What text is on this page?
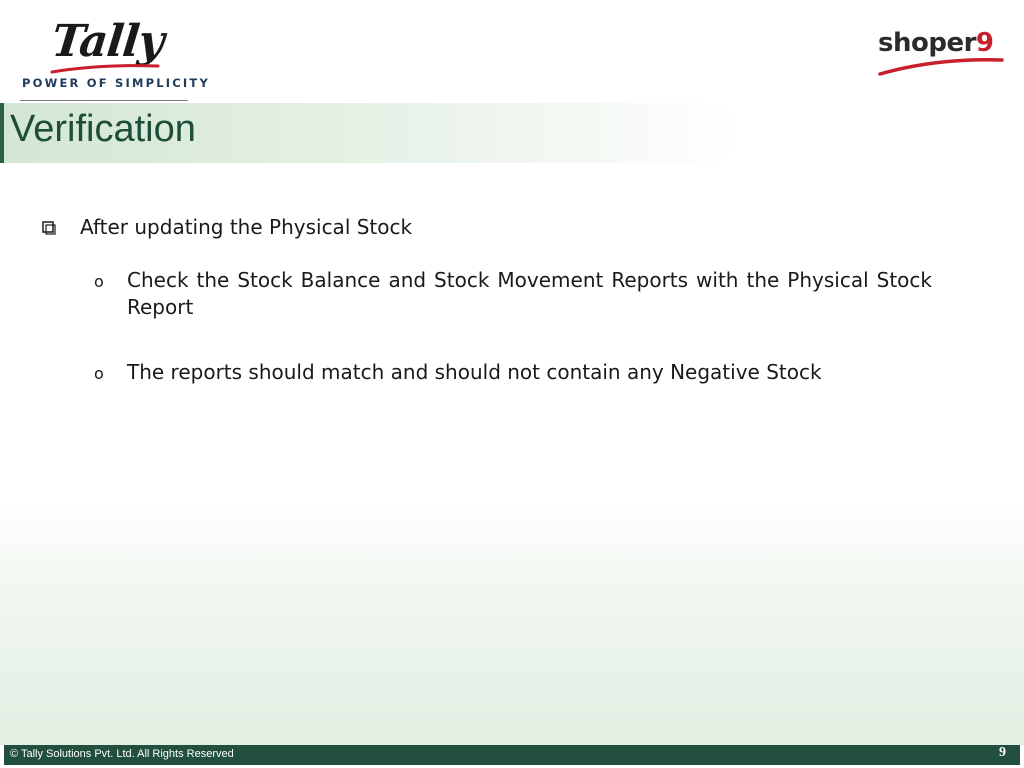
Tally
POWER OF SIMPLICITY
shoper9
Verification
After updating the Physical Stock
o Check the Stock Balance and Stock Movement Reports with the Physical Stock Report
o The reports should match and should not contain any Negative Stock
© Tally Solutions Pvt. Ltd. All Rights Reserved	9
